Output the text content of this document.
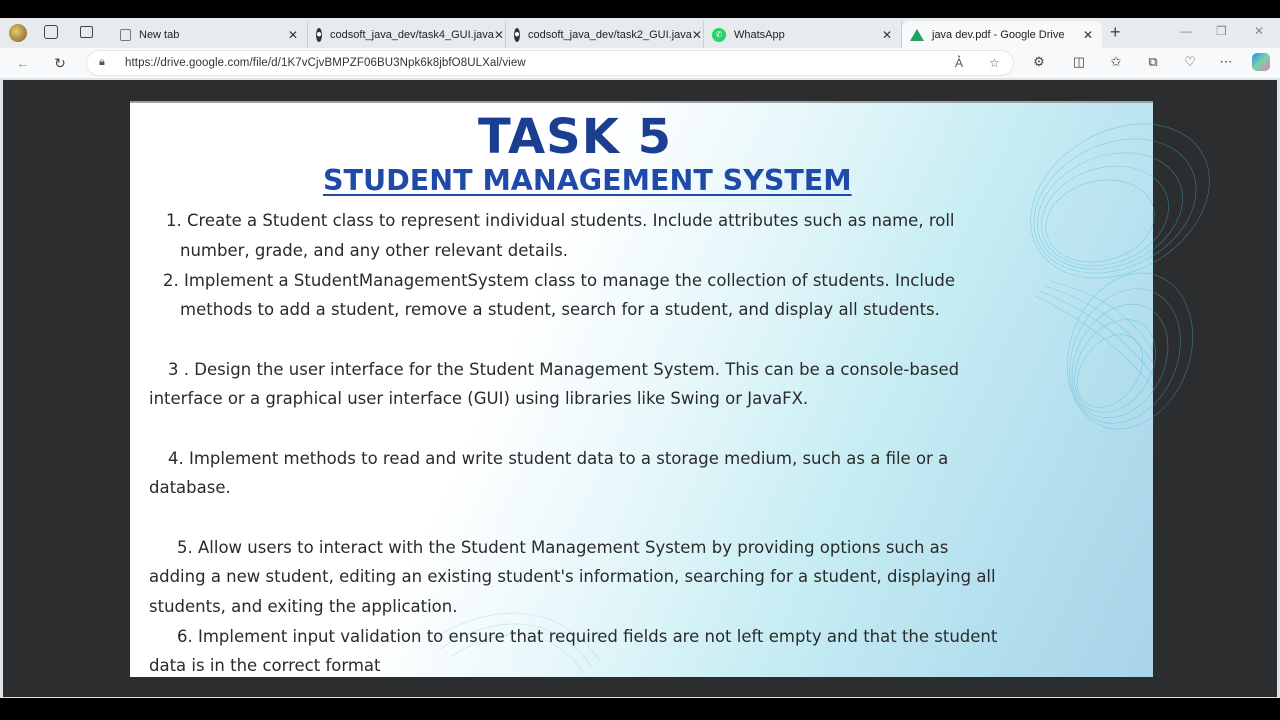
New tab	✕ ● codsoft_java_dev/task4_GUI.java ✕ ● codsoft_java_dev/task2_GUI.java ✕	✆	WhatsApp	✕	java dev.pdf - Google Drive	✕ +	— ❐ ✕
← ↻	🔒︎ https://drive.google.com/file/d/1K7vCjvBMPZF06BU3Npk6k8jbfO8ULXal/view	A͛ ☆	⚙ ◫ ✩	⧉	♡ ⋯
TASK 5
STUDENT MANAGEMENT SYSTEM
1. Create a Student class to represent individual students. Include attributes such as name, roll
number, grade, and any other relevant details.
2. Implement a StudentManagementSystem class to manage the collection of students. Include
methods to add a student, remove a student, search for a student, and display all students.
3 . Design the user interface for the Student Management System. This can be a console-based
interface or a graphical user interface (GUI) using libraries like Swing or JavaFX.
4. Implement methods to read and write student data to a storage medium, such as a file or a
database.
5. Allow users to interact with the Student Management System by providing options such as
adding a new student, editing an existing student's information, searching for a student, displaying all
students, and exiting the application.
6. Implement input validation to ensure that required fields are not left empty and that the student
data is in the correct format
